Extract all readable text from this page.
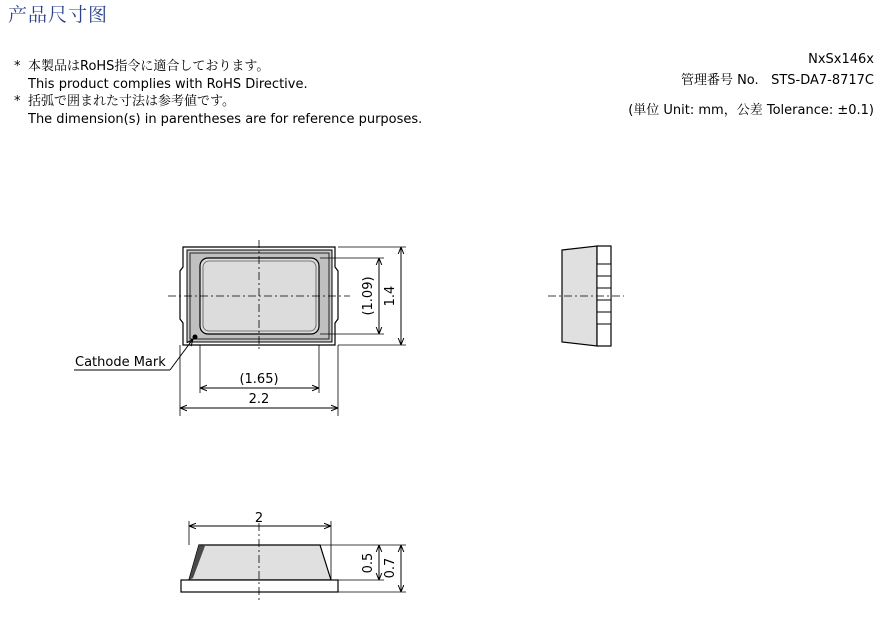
产品尺寸图
* 本製品はRoHS指令に適合しております。
This product complies with RoHS Directive.
* 括弧で囲まれた寸法は参考値です。
The dimension(s) in parentheses are for reference purposes.
NxSx146x
管理番号 No. STS-DA7-8717C
(単位 Unit: mm，公差 Tolerance: ±0.1)
Cathode Mark
(1.65)
2.2
(1.09) 1.4
2
0.5 0.7
